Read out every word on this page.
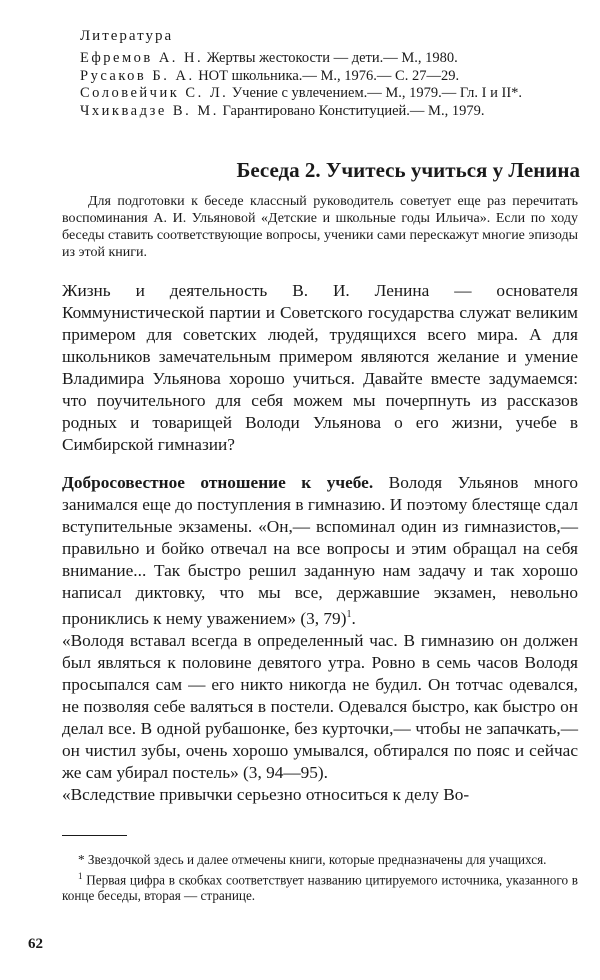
Литература
Ефремов А. Н. Жертвы жестокости — дети.— М., 1980.
Русаков Б. А. НОТ школьника.— М., 1976.— С. 27—29.
Соловейчик С. Л. Учение с увлечением.— М., 1979.— Гл. I и II*.
Чхиквадзе В. М. Гарантировано Конституцией.— М., 1979.
Беседа 2. Учитесь учиться у Ленина
Для подготовки к беседе классный руководитель советует еще раз перечитать воспоминания А. И. Ульяновой «Детские и школьные годы Ильича». Если по ходу беседы ставить соответствующие вопросы, ученики сами перескажут многие эпизоды из этой книги.

Жизнь и деятельность В. И. Ленина — основателя Коммунистической партии и Советского государства служат великим примером для советских людей, трудящихся всего мира. А для школьников замечательным примером являются желание и умение Владимира Ульянова хорошо учиться. Давайте вместе задумаемся: что поучительного для себя можем мы почерпнуть из рассказов родных и товарищей Володи Ульянова о его жизни, учебе в Симбирской гимназии?

Добросовестное отношение к учебе. Володя Ульянов много занимался еще до поступления в гимназию. И поэтому блестяще сдал вступительные экзамены. «Он,— вспоминал один из гимназистов,— правильно и бойко отвечал на все вопросы и этим обращал на себя внимание... Так быстро решил заданную нам задачу и так хорошо написал диктовку, что мы все, державшие экзамен, невольно прониклись к нему уважением» (3, 79)$^1$.

«Володя вставал всегда в определенный час. В гимназию он должен был являться к половине девятого утра. Ровно в семь часов Володя просыпался сам — его никто никогда не будил. Он тотчас одевался, не позволяя себе валяться в постели. Одевался быстро, как быстро он делал все. В одной рубашонке, без курточки,— чтобы не запачкать,— он чистил зубы, очень хорошо умывался, обтирался по пояс и сейчас же сам убирал постель» (3, 94—95).

«Вследствие привычки серьезно относиться к делу Во-

* Звездочкой здесь и далее отмечены книги, которые предназначены для учащихся.

$^1$ Первая цифра в скобках соответствует названию цитируемого источника, указанного в конце беседы, вторая — странице.

62
